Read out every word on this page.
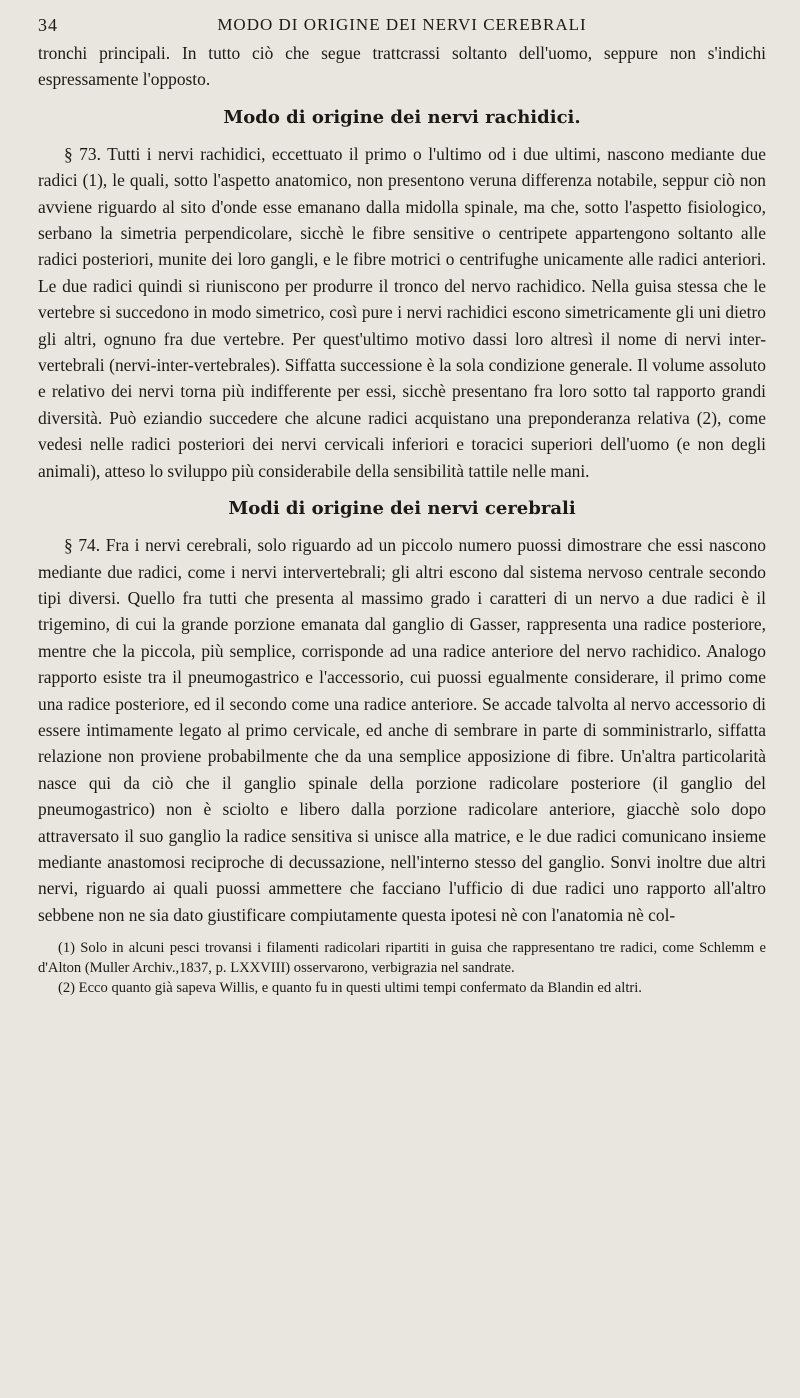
34	MODO DI ORIGINE DEI NERVI CEREBRALI

tronchi principali. In tutto ciò che segue trattcrassi soltanto dell'uomo, seppure non s'indichi espressamente l'opposto.

Modo di origine dei nervi rachidici.

§ 73. Tutti i nervi rachidici, eccettuato il primo o l'ultimo od i due ultimi, nascono mediante due radici (1), le quali, sotto l'aspetto anatomico, non presentono veruna differenza notabile, seppur ciò non avviene riguardo al sito d'onde esse emanano dalla midolla spinale, ma che, sotto l'aspetto fisiologico, serbano la simetria perpendicolare, sicchè le fibre sensitive o centripete appartengono soltanto alle radici posteriori, munite dei loro gangli, e le fibre motrici o centrifughe unicamente alle radici anteriori. Le due radici quindi si riuniscono per produrre il tronco del nervo rachidico. Nella guisa stessa che le vertebre si succedono in modo simetrico, così pure i nervi rachidici escono simetricamente gli uni dietro gli altri, ognuno fra due vertebre. Per quest'ultimo motivo dassi loro altresì il nome di nervi inter-vertebrali (nervi-inter-vertebrales). Siffatta successione è la sola condizione generale. Il volume assoluto e relativo dei nervi torna più indifferente per essi, sicchè presentano fra loro sotto tal rapporto grandi diversità. Può eziandio succedere che alcune radici acquistano una preponderanza relativa (2), come vedesi nelle radici posteriori dei nervi cervicali inferiori e toracici superiori dell'uomo (e non degli animali), atteso lo sviluppo più considerabile della sensibilità tattile nelle mani.

Modi di origine dei nervi cerebrali

§ 74. Fra i nervi cerebrali, solo riguardo ad un piccolo numero puossi dimostrare che essi nascono mediante due radici, come i nervi intervertebrali; gli altri escono dal sistema nervoso centrale secondo tipi diversi. Quello fra tutti che presenta al massimo grado i caratteri di un nervo a due radici è il trigemino, di cui la grande porzione emanata dal ganglio di Gasser, rappresenta una radice posteriore, mentre che la piccola, più semplice, corrisponde ad una radice anteriore del nervo rachidico. Analogo rapporto esiste tra il pneumogastrico e l'accessorio, cui puossi egualmente considerare, il primo come una radice posteriore, ed il secondo come una radice anteriore. Se accade talvolta al nervo accessorio di essere intimamente legato al primo cervicale, ed anche di sembrare in parte di somministrarlo, siffatta relazione non proviene probabilmente che da una semplice apposizione di fibre. Un'altra particolarità nasce qui da ciò che il ganglio spinale della porzione radicolare posteriore (il ganglio del pneumogastrico) non è sciolto e libero dalla porzione radicolare anteriore, giacchè solo dopo attraversato il suo ganglio la radice sensitiva si unisce alla matrice, e le due radici comunicano insieme mediante anastomosi reciproche di decussazione, nell'interno stesso del ganglio. Sonvi inoltre due altri nervi, riguardo ai quali puossi ammettere che facciano l'ufficio di due radici uno rapporto all'altro sebbene non ne sia dato giustificare compiutamente questa ipotesi nè con l'anatomia nè col-

(1) Solo in alcuni pesci trovansi i filamenti radicolari ripartiti in guisa che rappresentano tre radici, come Schlemm e d'Alton (Muller Archiv.,1837, p. LXXVIII) osservarono, verbigrazia nel sandrate.

(2) Ecco quanto già sapeva Willis, e quanto fu in questi ultimi tempi confermato da Blandin ed altri.
